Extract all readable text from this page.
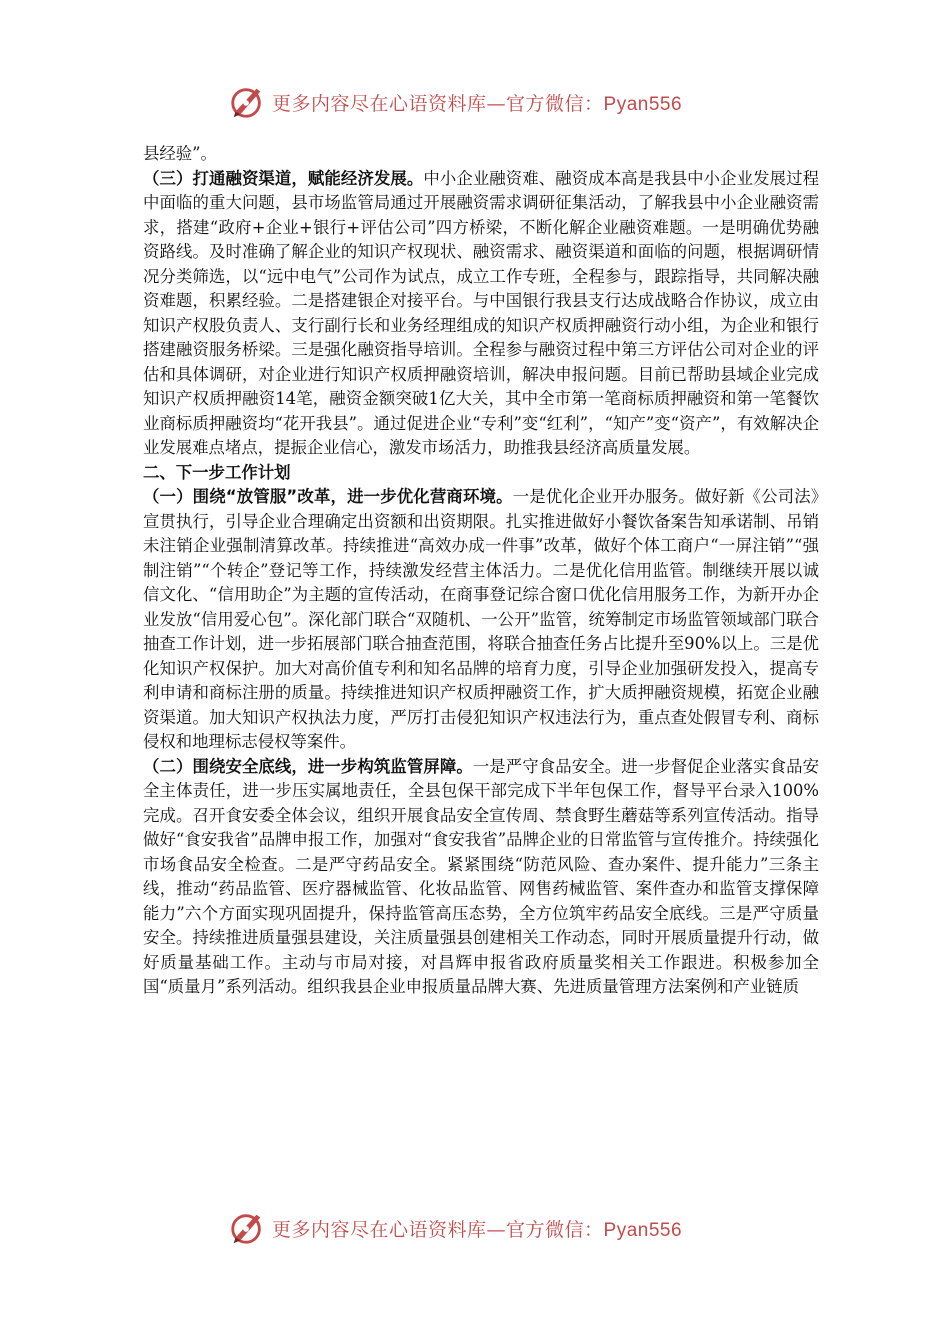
更多内容尽在心语资料库—官方微信：Pyan556

县经验”。

（三）打通融资渠道，赋能经济发展。中小企业融资难、融资成本高是我县中小企业发展过程中面临的重大问题，县市场监管局通过开展融资需求调研征集活动，了解我县中小企业融资需求，搭建“政府+企业+银行+评估公司”四方桥梁，不断化解企业融资难题。一是明确优势融资路线。及时准确了解企业的知识产权现状、融资需求、融资渠道和面临的问题，根据调研情况分类筛选，以“远中电气”公司作为试点，成立工作专班，全程参与，跟踪指导，共同解决融资难题，积累经验。二是搭建银企对接平台。与中国银行我县支行达成战略合作协议，成立由知识产权股负责人、支行副行长和业务经理组成的知识产权质押融资行动小组，为企业和银行搭建融资服务桥梁。三是强化融资指导培训。全程参与融资过程中第三方评估公司对企业的评估和具体调研，对企业进行知识产权质押融资培训，解决申报问题。目前已帮助县域企业完成知识产权质押融资14笔，融资金额突破1亿大关，其中全市第一笔商标质押融资和第一笔餐饮业商标质押融资均“花开我县”。通过促进企业“专利”变“红利”，“知产”变“资产”，有效解决企业发展难点堵点，提振企业信心，激发市场活力，助推我县经济高质量发展。

二、下一步工作计划

（一）围绕“放管服”改革，进一步优化营商环境。一是优化企业开办服务。做好新《公司法》宣贯执行，引导企业合理确定出资额和出资期限。扎实推进做好小餐饮备案告知承诺制、吊销未注销企业强制清算改革。持续推进“高效办成一件事”改革，做好个体工商户“一屏注销”“强制注销”“个转企”登记等工作，持续激发经营主体活力。二是优化信用监管。制继续开展以诚信文化、“信用助企”为主题的宣传活动，在商事登记综合窗口优化信用服务工作，为新开办企业发放“信用爱心包”。深化部门联合“双随机、一公开”监管，统筹制定市场监管领域部门联合抽查工作计划，进一步拓展部门联合抽查范围，将联合抽查任务占比提升至90%以上。三是优化知识产权保护。加大对高价值专利和知名品牌的培育力度，引导企业加强研发投入，提高专利申请和商标注册的质量。持续推进知识产权质押融资工作，扩大质押融资规模，拓宽企业融资渠道。加大知识产权执法力度，严厉打击侵犯知识产权违法行为，重点查处假冒专利、商标侵权和地理标志侵权等案件。

（二）围绕安全底线，进一步构筑监管屏障。一是严守食品安全。进一步督促企业落实食品安全主体责任，进一步压实属地责任，全县包保干部完成下半年包保工作，督导平台录入100%完成。召开食安委全体会议，组织开展食品安全宣传周、禁食野生蘑菇等系列宣传活动。指导做好“食安我省”品牌申报工作，加强对“食安我省”品牌企业的日常监管与宣传推介。持续强化市场食品安全检查。二是严守药品安全。紧紧围绕“防范风险、查办案件、提升能力”三条主线，推动“药品监管、医疗器械监管、化妆品监管、网售药械监管、案件查办和监管支撑保障能力”六个方面实现巩固提升，保持监管高压态势，全方位筑牢药品安全底线。三是严守质量安全。持续推进质量强县建设，关注质量强县创建相关工作动态，同时开展质量提升行动，做好质量基础工作。主动与市局对接，对昌辉申报省政府质量奖相关工作跟进。积极参加全国“质量月”系列活动。组织我县企业申报质量品牌大赛、先进质量管理方法案例和产业链质

更多内容尽在心语资料库—官方微信：Pyan556
